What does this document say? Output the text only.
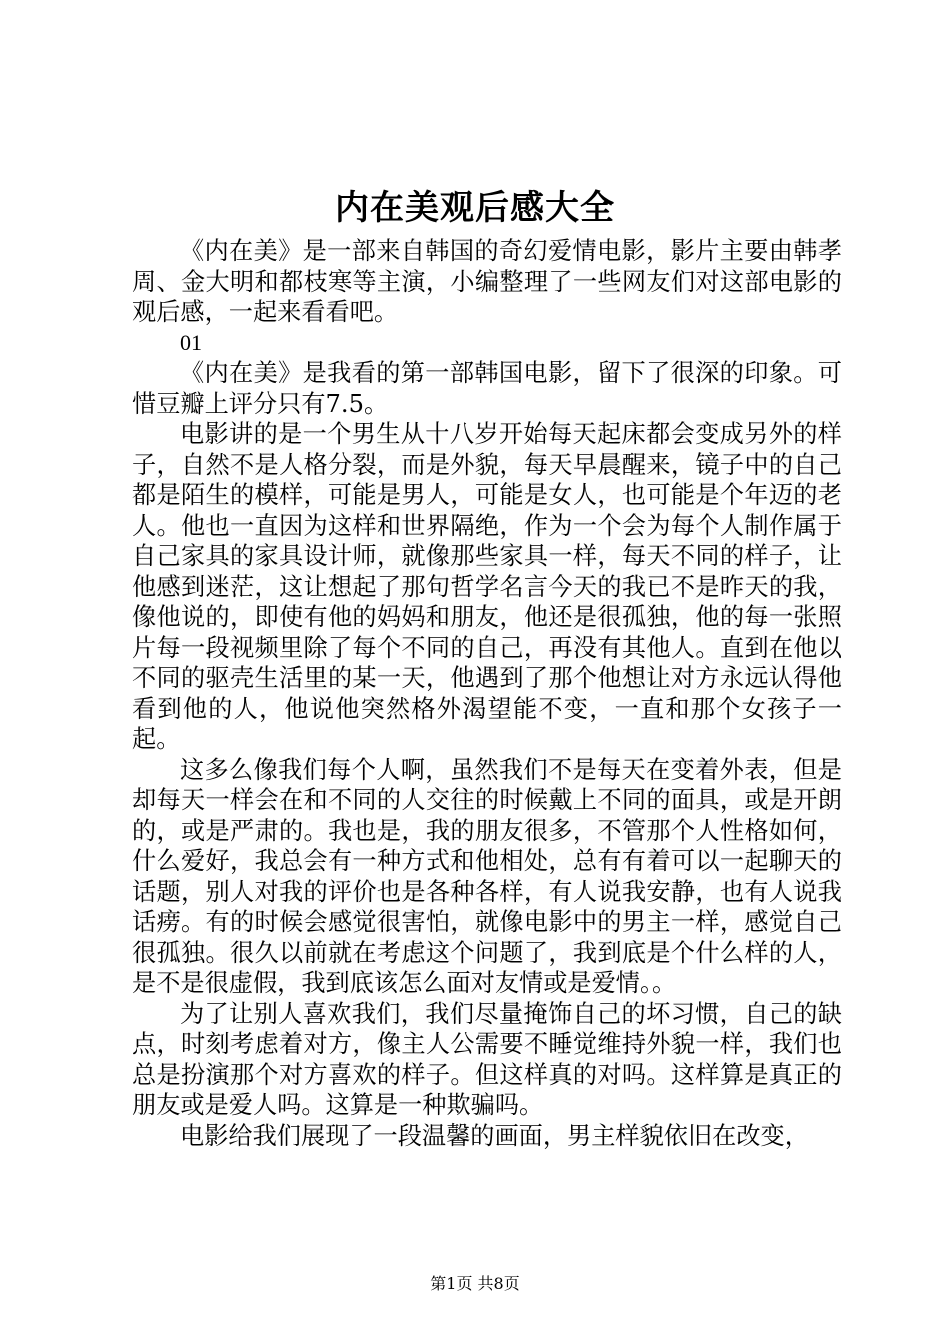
内在美观后感大全

《内在美》是一部来自韩国的奇幻爱情电影，影片主要由韩孝周、金大明和都枝寒等主演，小编整理了一些网友们对这部电影的观后感，一起来看看吧。

01

《内在美》是我看的第一部韩国电影，留下了很深的印象。可惜豆瓣上评分只有7.5。

电影讲的是一个男生从十八岁开始每天起床都会变成另外的样子，自然不是人格分裂，而是外貌，每天早晨醒来，镜子中的自己都是陌生的模样，可能是男人，可能是女人，也可能是个年迈的老人。他也一直因为这样和世界隔绝，作为一个会为每个人制作属于自己家具的家具设计师，就像那些家具一样，每天不同的样子，让他感到迷茫，这让想起了那句哲学名言今天的我已不是昨天的我，像他说的，即使有他的妈妈和朋友，他还是很孤独，他的每一张照片每一段视频里除了每个不同的自己，再没有其他人。直到在他以不同的驱壳生活里的某一天，他遇到了那个他想让对方永远认得他看到他的人，他说他突然格外渴望能不变，一直和那个女孩子一起。

这多么像我们每个人啊，虽然我们不是每天在变着外表，但是却每天一样会在和不同的人交往的时候戴上不同的面具，或是开朗的，或是严肃的。我也是，我的朋友很多，不管那个人性格如何，什么爱好，我总会有一种方式和他相处，总有有着可以一起聊天的话题，别人对我的评价也是各种各样，有人说我安静，也有人说我话痨。有的时候会感觉很害怕，就像电影中的男主一样，感觉自己很孤独。很久以前就在考虑这个问题了，我到底是个什么样的人，是不是很虚假，我到底该怎么面对友情或是爱情。。

为了让别人喜欢我们，我们尽量掩饰自己的坏习惯，自己的缺点，时刻考虑着对方，像主人公需要不睡觉维持外貌一样，我们也总是扮演那个对方喜欢的样子。但这样真的对吗。这样算是真正的朋友或是爱人吗。这算是一种欺骗吗。

电影给我们展现了一段温馨的画面，男主样貌依旧在改变，

第1页 共8页
